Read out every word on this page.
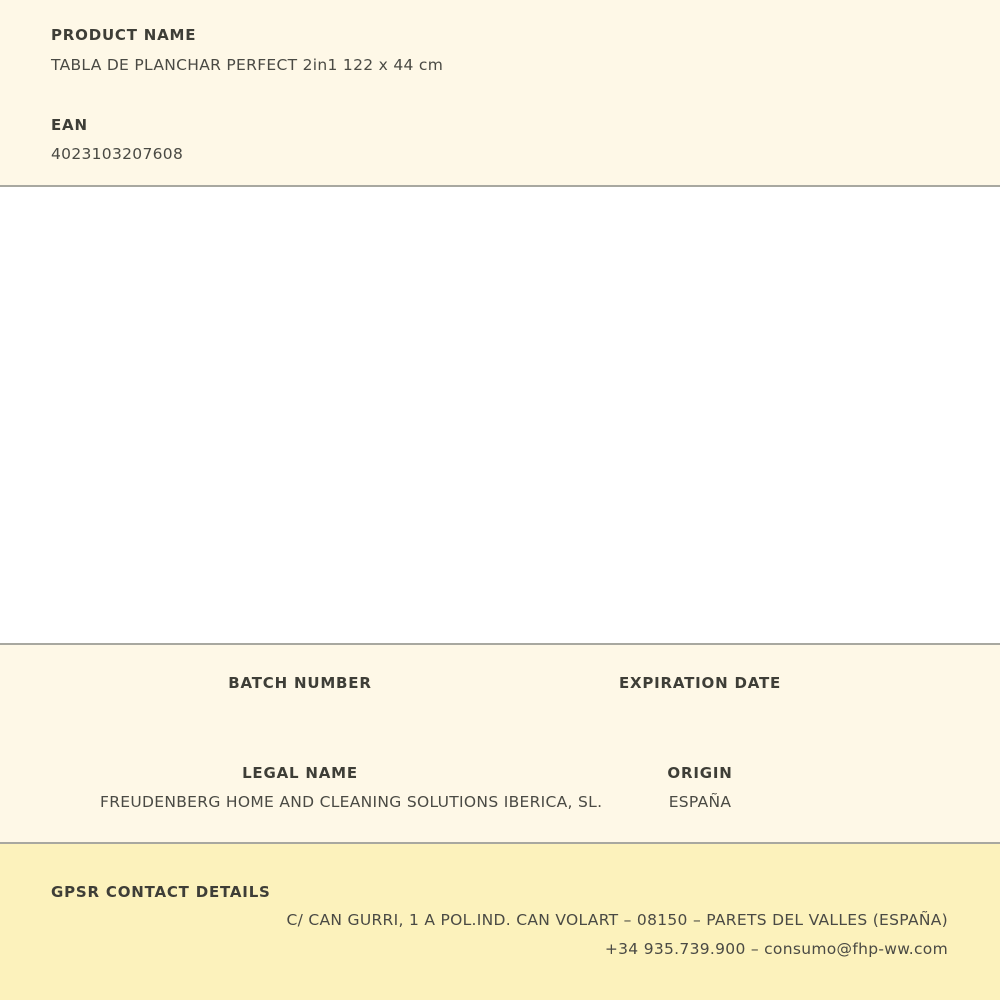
PRODUCT NAME
TABLA DE PLANCHAR PERFECT 2in1 122 x 44 cm
EAN
4023103207608
BATCH NUMBER	EXPIRATION DATE
LEGAL NAME
FREUDENBERG HOME AND CLEANING SOLUTIONS IBERICA, SL.
ORIGIN
ESPAÑA
GPSR CONTACT DETAILS
C/ CAN GURRI, 1 A POL.IND. CAN VOLART – 08150 – PARETS DEL VALLES (ESPAÑA)
+34 935.739.900 – consumo@fhp-ww.com
